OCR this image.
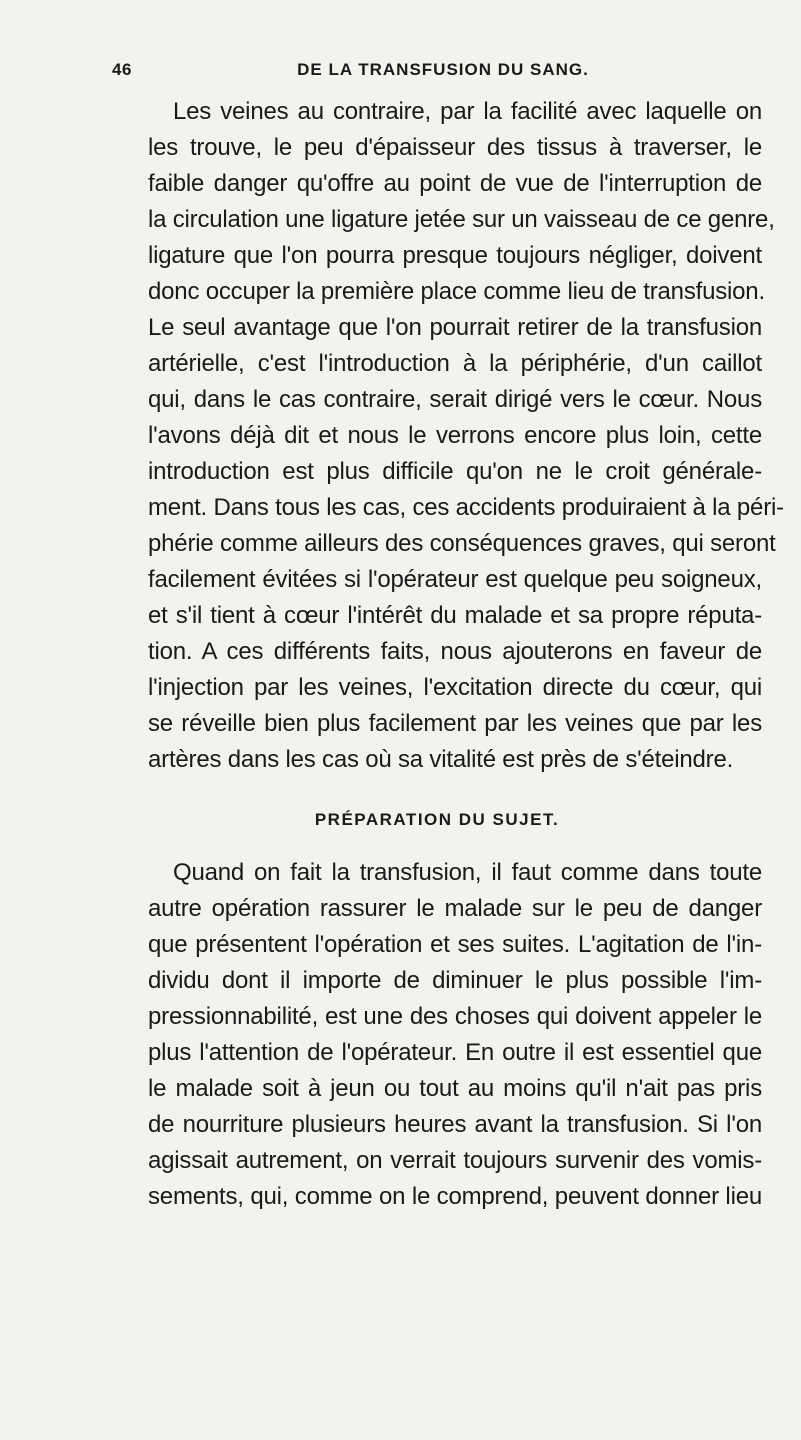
46	DE LA TRANSFUSION DU SANG.
Les veines au contraire, par la facilité avec laquelle on
les trouve, le peu d'épaisseur des tissus à traverser, le
faible danger qu'offre au point de vue de l'interruption de
la circulation une ligature jetée sur un vaisseau de ce genre,
ligature que l'on pourra presque toujours négliger, doivent
donc occuper la première place comme lieu de transfusion.
Le seul avantage que l'on pourrait retirer de la transfusion
artérielle, c'est l'introduction à la périphérie, d'un caillot
qui, dans le cas contraire, serait dirigé vers le cœur. Nous
l'avons déjà dit et nous le verrons encore plus loin, cette
introduction est plus difficile qu'on ne le croit générale-
ment. Dans tous les cas, ces accidents produiraient à la péri-
phérie comme ailleurs des conséquences graves, qui seront
facilement évitées si l'opérateur est quelque peu soigneux,
et s'il tient à cœur l'intérêt du malade et sa propre réputa-
tion. A ces différents faits, nous ajouterons en faveur de
l'injection par les veines, l'excitation directe du cœur, qui
se réveille bien plus facilement par les veines que par les
artères dans les cas où sa vitalité est près de s'éteindre.
PRÉPARATION DU SUJET.
Quand on fait la transfusion, il faut comme dans toute
autre opération rassurer le malade sur le peu de danger
que présentent l'opération et ses suites. L'agitation de l'in-
dividu dont il importe de diminuer le plus possible l'im-
pressionnabilité, est une des choses qui doivent appeler le
plus l'attention de l'opérateur. En outre il est essentiel que
le malade soit à jeun ou tout au moins qu'il n'ait pas pris
de nourriture plusieurs heures avant la transfusion. Si l'on
agissait autrement, on verrait toujours survenir des vomis-
sements, qui, comme on le comprend, peuvent donner lieu
